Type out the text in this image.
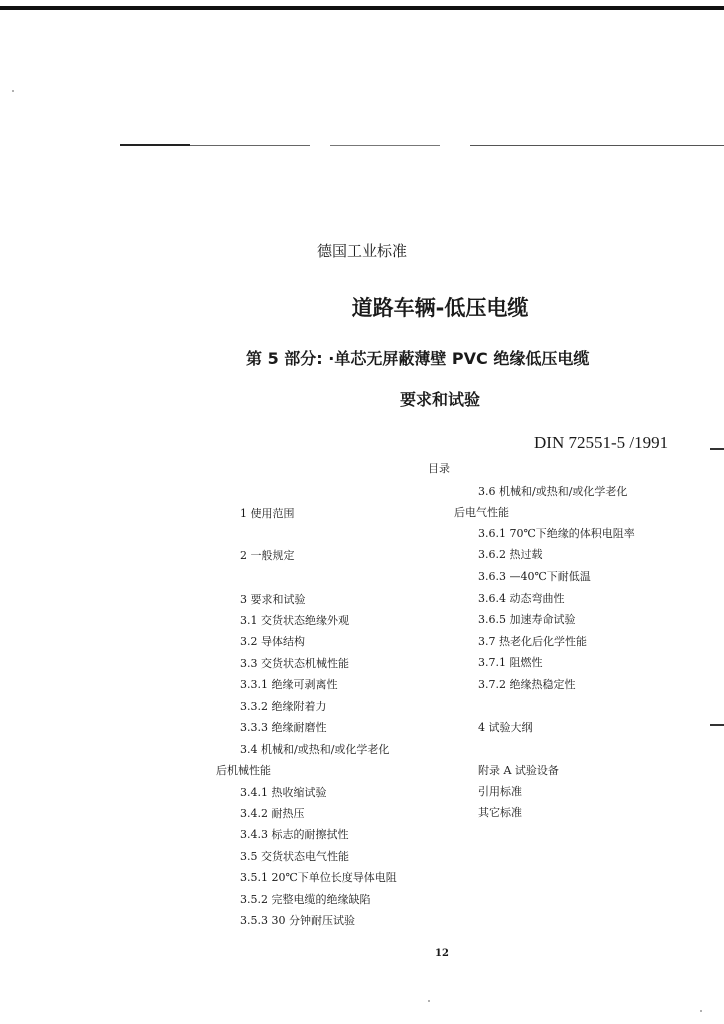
德国工业标准
道路车辆-低压电缆
第 5 部分: ·单芯无屏蔽薄壁 PVC 绝缘低压电缆
要求和试验
DIN 72551-5 /1991
目录
1 使用范围
2 一般规定
3 要求和试验
3.1 交货状态绝缘外观
3.2 导体结构
3.3 交货状态机械性能
3.3.1 绝缘可剥离性
3.3.2 绝缘附着力
3.3.3 绝缘耐磨性
3.4 机械和/或热和/或化学老化
后机械性能
3.4.1 热收缩试验
3.4.2 耐热压
3.4.3 标志的耐擦拭性
3.5 交货状态电气性能
3.5.1 20℃下单位长度导体电阻
3.5.2 完整电缆的绝缘缺陷
3.5.3 30 分钟耐压试验
3.6 机械和/或热和/或化学老化
后电气性能
3.6.1 70℃下绝缘的体积电阻率
3.6.2 热过载
3.6.3 —40℃下耐低温
3.6.4 动态弯曲性
3.6.5 加速寿命试验
3.7 热老化后化学性能
3.7.1 阻燃性
3.7.2 绝缘热稳定性
4 试验大纲
附录 A 试验设备
引用标准
其它标准
12
